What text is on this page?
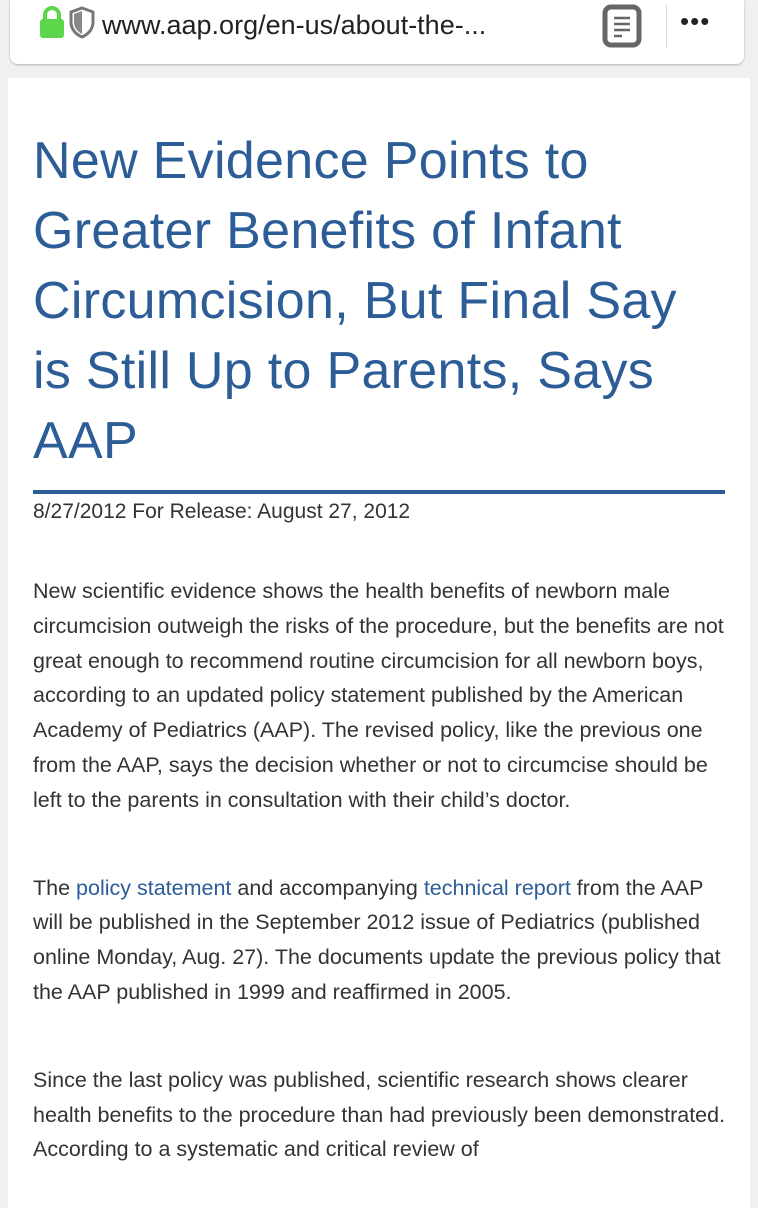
www.aap.org/en-us/about-the-...	•••
New Evidence Points to Greater Benefits of Infant Circumcision, But Final Say is Still Up to Parents, Says AAP
8/27/2012 For Release: August 27, 2012

New scientific evidence shows the health benefits of newborn male circumcision outweigh the risks of the procedure, but the benefits are not great enough to recommend routine circumcision for all newborn boys, according to an updated policy statement published by the American Academy of Pediatrics (AAP). The revised policy, like the previous one from the AAP, says the decision whether or not to circumcise should be left to the parents in consultation with their child’s doctor.

The policy statement and accompanying technical report from the AAP will be published in the September 2012 issue of Pediatrics (published online Monday, Aug. 27). The documents update the previous policy that the AAP published in 1999 and reaffirmed in 2005.

Since the last policy was published, scientific research shows clearer health benefits to the procedure than had previously been demonstrated. According to a systematic and critical review of
